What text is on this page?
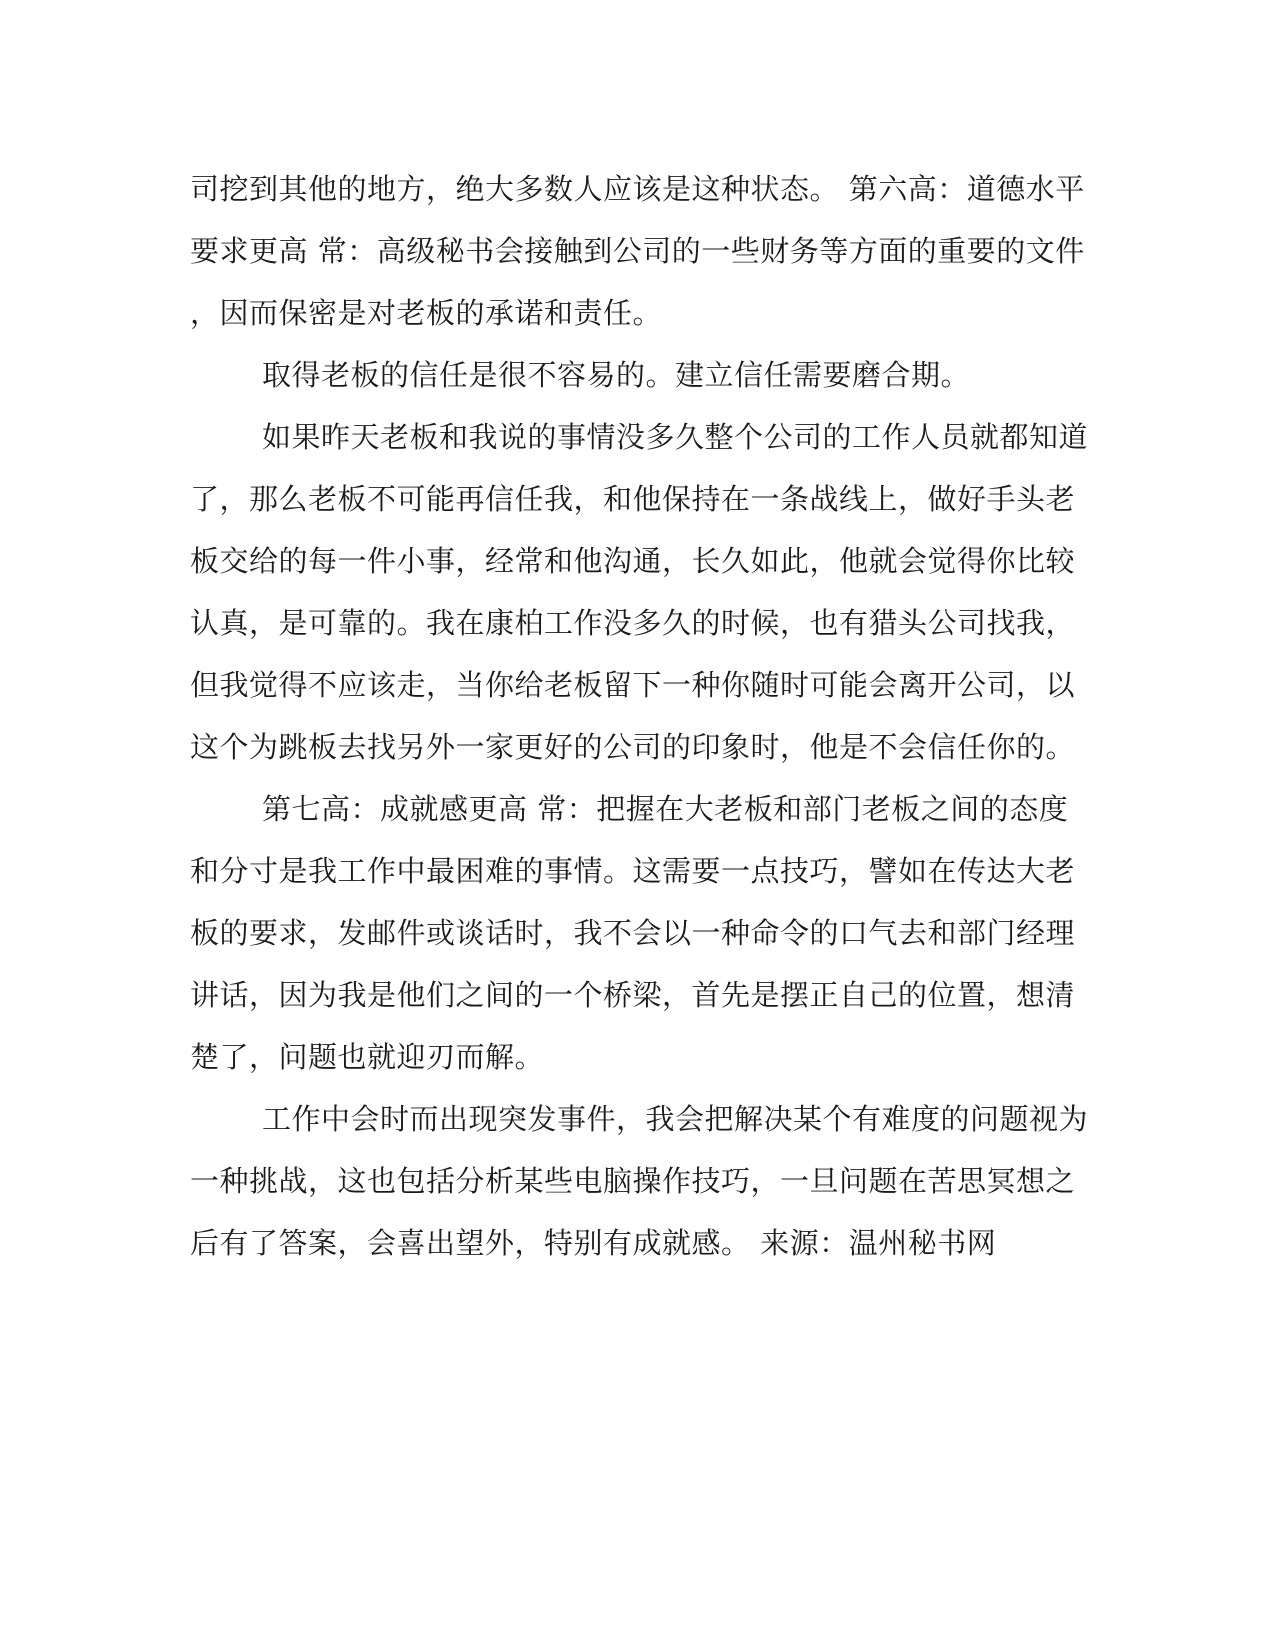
司挖到其他的地方，绝大多数人应该是这种状态。 第六高：道德水平
要求更高 常：高级秘书会接触到公司的一些财务等方面的重要的文件
，因而保密是对老板的承诺和责任。
取得老板的信任是很不容易的。建立信任需要磨合期。
如果昨天老板和我说的事情没多久整个公司的工作人员就都知道
了，那么老板不可能再信任我，和他保持在一条战线上，做好手头老
板交给的每一件小事，经常和他沟通，长久如此，他就会觉得你比较
认真，是可靠的。我在康柏工作没多久的时候，也有猎头公司找我，
但我觉得不应该走，当你给老板留下一种你随时可能会离开公司，以
这个为跳板去找另外一家更好的公司的印象时，他是不会信任你的。
第七高：成就感更高 常：把握在大老板和部门老板之间的态度
和分寸是我工作中最困难的事情。这需要一点技巧，譬如在传达大老
板的要求，发邮件或谈话时，我不会以一种命令的口气去和部门经理
讲话，因为我是他们之间的一个桥梁，首先是摆正自己的位置，想清
楚了，问题也就迎刃而解。
工作中会时而出现突发事件，我会把解决某个有难度的问题视为
一种挑战，这也包括分析某些电脑操作技巧，一旦问题在苦思冥想之
后有了答案，会喜出望外，特别有成就感。 来源：温州秘书网
